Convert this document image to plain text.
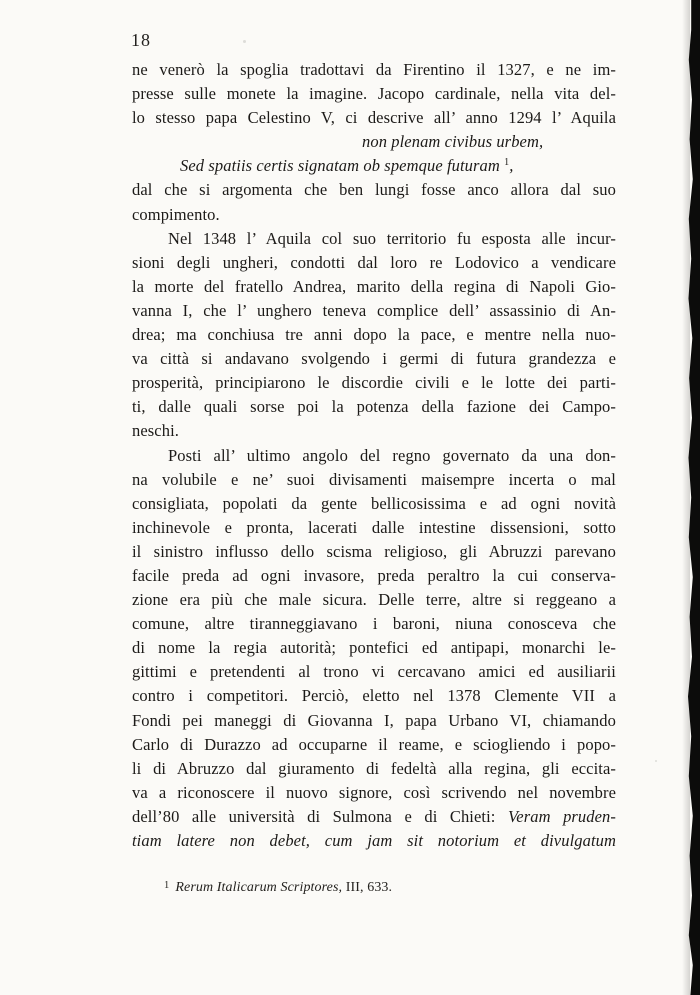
18
ne venerò la spoglia tradottavi da Firentino il 1327, e ne im-
presse sulle monete la imagine. Jacopo cardinale, nella vita del-
lo stesso papa Celestino V, ci descrive all’ anno 1294 l’ Aquila
non plenam civibus urbem,
Sed spatiis certis signatam ob spemque futuram $^1$,
dal che si argomenta che ben lungi fosse anco allora dal suo
compimento.
Nel 1348 l’ Aquila col suo territorio fu esposta alle incur-
sioni degli ungheri, condotti dal loro re Lodovico a vendicare
la morte del fratello Andrea, marito della regina di Napoli Gio-
vanna I, che l’ unghero teneva complice dell’ assassinio di An-
drea; ma conchiusa tre anni dopo la pace, e mentre nella nuo-
va città si andavano svolgendo i germi di futura grandezza e
prosperità, principiarono le discordie civili e le lotte dei parti-
ti, dalle quali sorse poi la potenza della fazione dei Campo-
neschi.
Posti all’ ultimo angolo del regno governato da una don-
na volubile e ne’ suoi divisamenti maisempre incerta o mal
consigliata, popolati da gente bellicosissima e ad ogni novità
inchinevole e pronta, lacerati dalle intestine dissensioni, sotto
il sinistro influsso dello scisma religioso, gli Abruzzi parevano
facile preda ad ogni invasore, preda peraltro la cui conserva-
zione era più che male sicura. Delle terre, altre si reggeano a
comune, altre tiranneggiavano i baroni, niuna conosceva che
di nome la regia autorità; pontefici ed antipapi, monarchi le-
gittimi e pretendenti al trono vi cercavano amici ed ausiliarii
contro i competitori. Perciò, eletto nel 1378 Clemente VII a
Fondi pei maneggi di Giovanna I, papa Urbano VI, chiamando
Carlo di Durazzo ad occuparne il reame, e sciogliendo i popo-
li di Abruzzo dal giuramento di fedeltà alla regina, gli eccita-
va a riconoscere il nuovo signore, così scrivendo nel novembre
dell’80 alle università di Sulmona e di Chieti: Veram pruden-
tiam latere non debet, cum jam sit notorium et divulgatum
$^1$ Rerum Italicarum Scriptores, III, 633.
